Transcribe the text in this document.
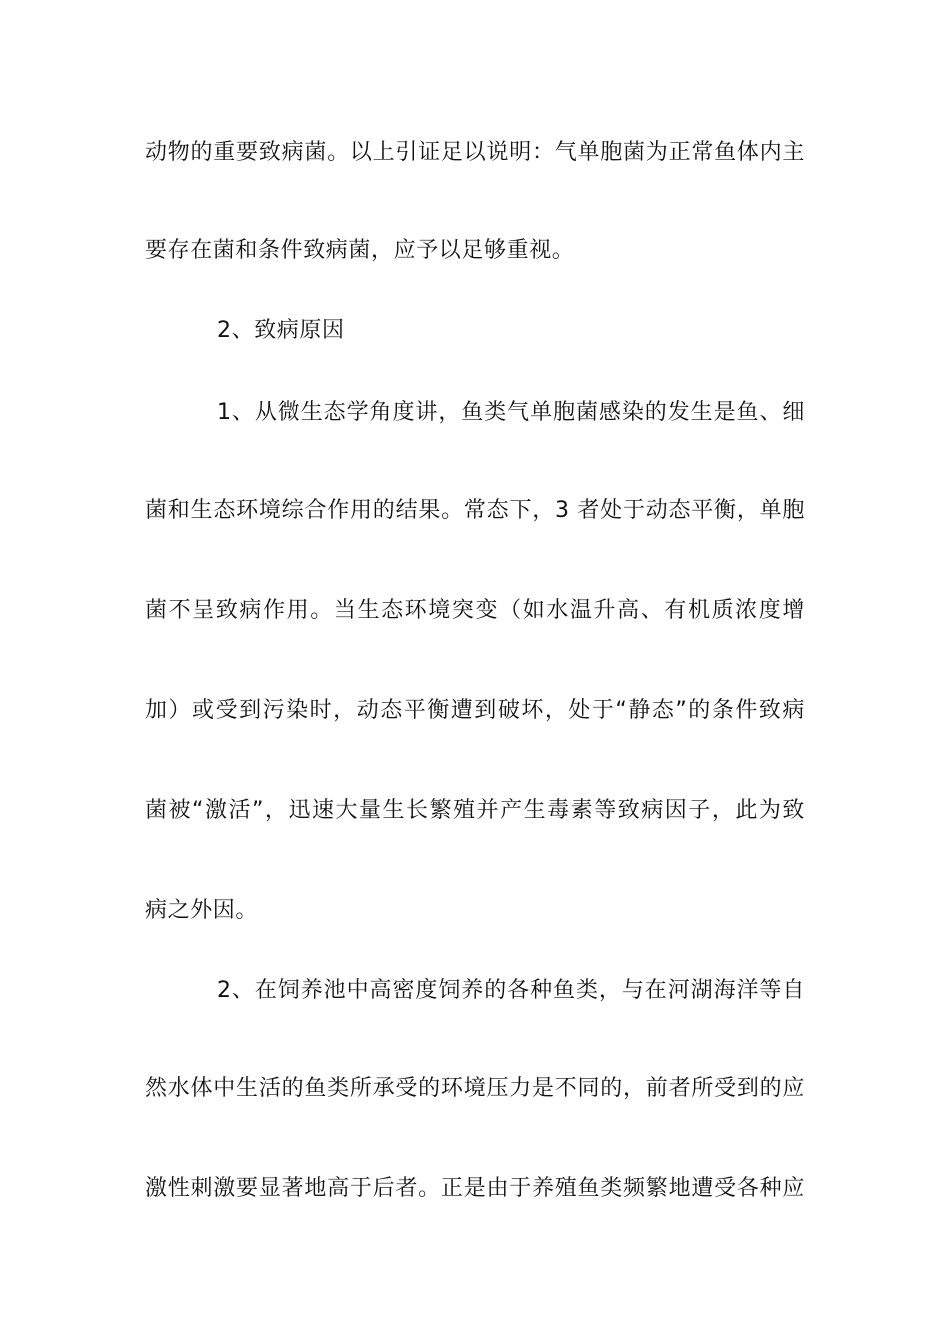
动物的重要致病菌。以上引证足以说明：气单胞菌为正常鱼体内主
要存在菌和条件致病菌，应予以足够重视。
2、致病原因
1、从微生态学角度讲，鱼类气单胞菌感染的发生是鱼、细
菌和生态环境综合作用的结果。常态下，3 者处于动态平衡，单胞
菌不呈致病作用。当生态环境突变（如水温升高、有机质浓度增
加）或受到污染时，动态平衡遭到破坏，处于“静态”的条件致病
菌被“激活”，迅速大量生长繁殖并产生毒素等致病因子，此为致
病之外因。
2、在饲养池中高密度饲养的各种鱼类，与在河湖海洋等自
然水体中生活的鱼类所承受的环境压力是不同的，前者所受到的应
激性刺激要显著地高于后者。正是由于养殖鱼类频繁地遭受各种应
